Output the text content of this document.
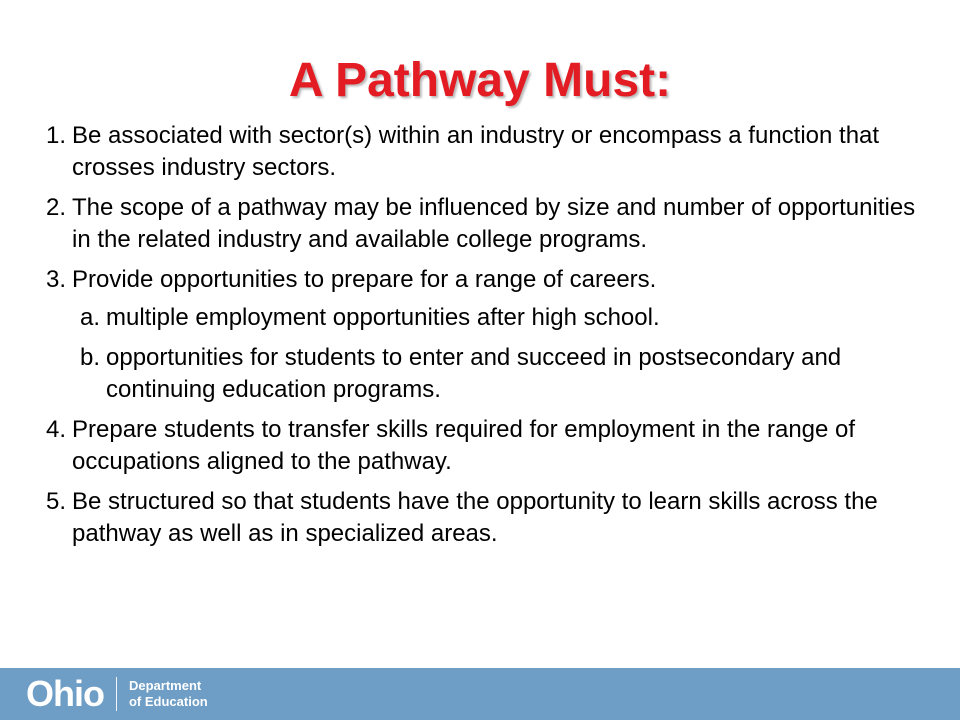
A Pathway Must:
1. Be associated with sector(s) within an industry or encompass a function that crosses industry sectors.
2. The scope of a pathway may be influenced by size and number of opportunities in the related industry and available college programs.
3. Provide opportunities to prepare for a range of careers.
a. multiple employment opportunities after high school.
b. opportunities for students to enter and succeed in postsecondary and continuing education programs.
4. Prepare students to transfer skills required for employment in the range of occupations aligned to the pathway.
5. Be structured so that students have the opportunity to learn skills across the pathway as well as in specialized areas.
Ohio Department
of Education
